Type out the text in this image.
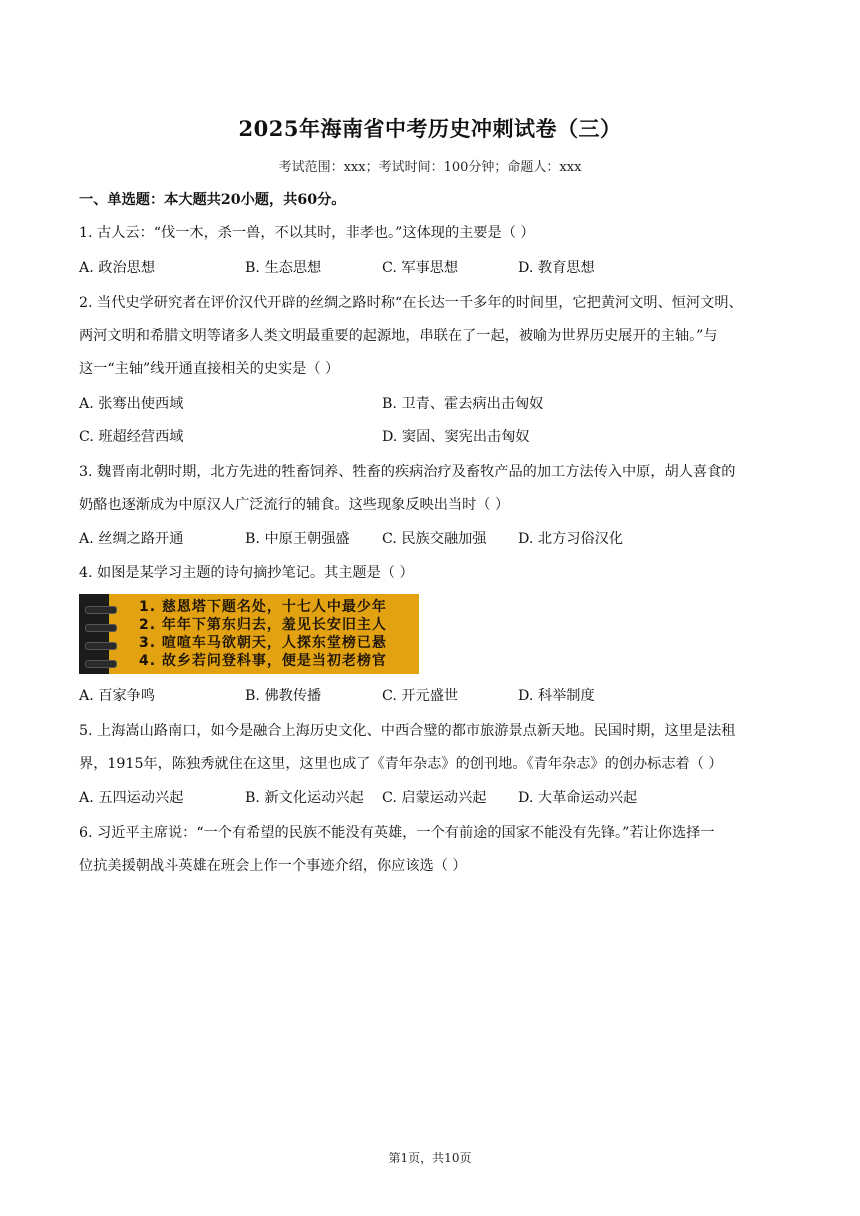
2025年海南省中考历史冲刺试卷（三）
考试范围：xxx；考试时间：100分钟；命题人：xxx
一、单选题：本大题共20小题，共60分。
1. 古人云：“伐一木，杀一兽，不以其时，非孝也。”这体现的主要是（ ）
A. 政治思想	B. 生态思想	C. 军事思想	D. 教育思想
2. 当代史学研究者在评价汉代开辟的丝绸之路时称“在长达一千多年的时间里，它把黄河文明、恒河文明、
两河文明和希腊文明等诸多人类文明最重要的起源地，串联在了一起，被喻为世界历史展开的主轴。”与
这一“主轴”线开通直接相关的史实是（ ）
A. 张骞出使西域	B. 卫青、霍去病出击匈奴
C. 班超经营西域	D. 窦固、窦宪出击匈奴
3. 魏晋南北朝时期，北方先进的牲畜饲养、牲畜的疾病治疗及畜牧产品的加工方法传入中原，胡人喜食的
奶酪也逐渐成为中原汉人广泛流行的辅食。这些现象反映出当时（ ）
A. 丝绸之路开通	B. 中原王朝强盛 C. 民族交融加强 D. 北方习俗汉化
4. 如图是某学习主题的诗句摘抄笔记。其主题是（ ）
1. 慈恩塔下题名处，十七人中最少年
2. 年年下第东归去，羞见长安旧主人
3. 喧喧车马欲朝天，人探东堂榜已悬
4. 故乡若问登科事，便是当初老榜官
A. 百家争鸣	B. 佛教传播	C. 开元盛世	D. 科举制度
5. 上海嵩山路南口，如今是融合上海历史文化、中西合璧的都市旅游景点新天地。民国时期，这里是法租
界，1915年，陈独秀就住在这里，这里也成了《青年杂志》的创刊地。《青年杂志》的创办标志着（ ）
A. 五四运动兴起	B. 新文化运动兴起 C. 启蒙运动兴起 D. 大革命运动兴起
6. 习近平主席说：“一个有希望的民族不能没有英雄，一个有前途的国家不能没有先锋。”若让你选择一
位抗美援朝战斗英雄在班会上作一个事迹介绍，你应该选（ ）
第1页，共10页
